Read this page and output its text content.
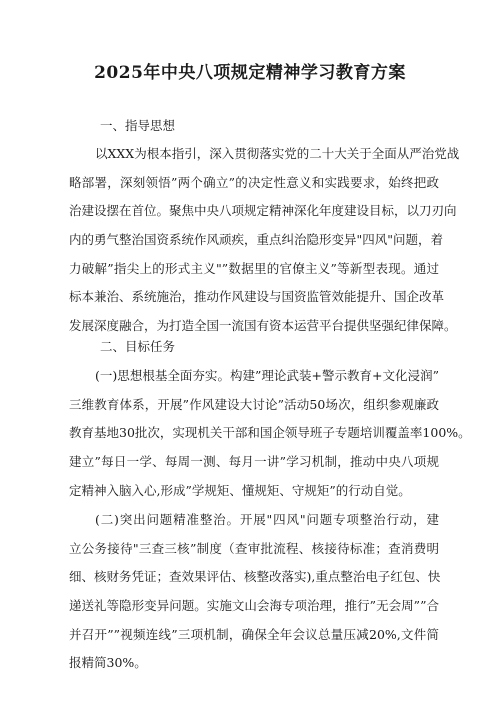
2025年中央八项规定精神学习教育方案
一、指导思想
以XXX为根本指引，深入贯彻落实党的二十大关于全面从严治党战
略部署，深刻领悟”两个确立”的决定性意义和实践要求，始终把政
治建设摆在首位。聚焦中央八项规定精神深化年度建设目标，以刀刃向
内的勇气整治国资系统作风顽疾，重点纠治隐形变异"四风"问题，着
力破解”指尖上的形式主义"”数据里的官僚主义”等新型表现。通过
标本兼治、系统施治，推动作风建设与国资监管效能提升、国企改革
发展深度融合，为打造全国一流国有资本运营平台提供坚强纪律保障。
二、目标任务
(一)思想根基全面夯实。构建”理论武装+警示教育+文化浸润”
三维教育体系，开展”作风建设大讨论”活动50场次，组织参观廉政
教育基地30批次，实现机关干部和国企领导班子专题培训覆盖率100%。
建立”每日一学、每周一测、每月一讲”学习机制，推动中央八项规
定精神入脑入心,形成”学规矩、懂规矩、守规矩”的行动自觉。
(二)突出问题精准整治。开展"四风"问题专项整治行动，建
立公务接待"三查三核”制度（查审批流程、核接待标准；查消费明
细、核财务凭证；查效果评估、核整改落实),重点整治电子红包、快
递送礼等隐形变异问题。实施文山会海专项治理，推行”无会周””合
并召开””视频连线”三项机制，确保全年会议总量压减20%,文件简
报精简30%。
